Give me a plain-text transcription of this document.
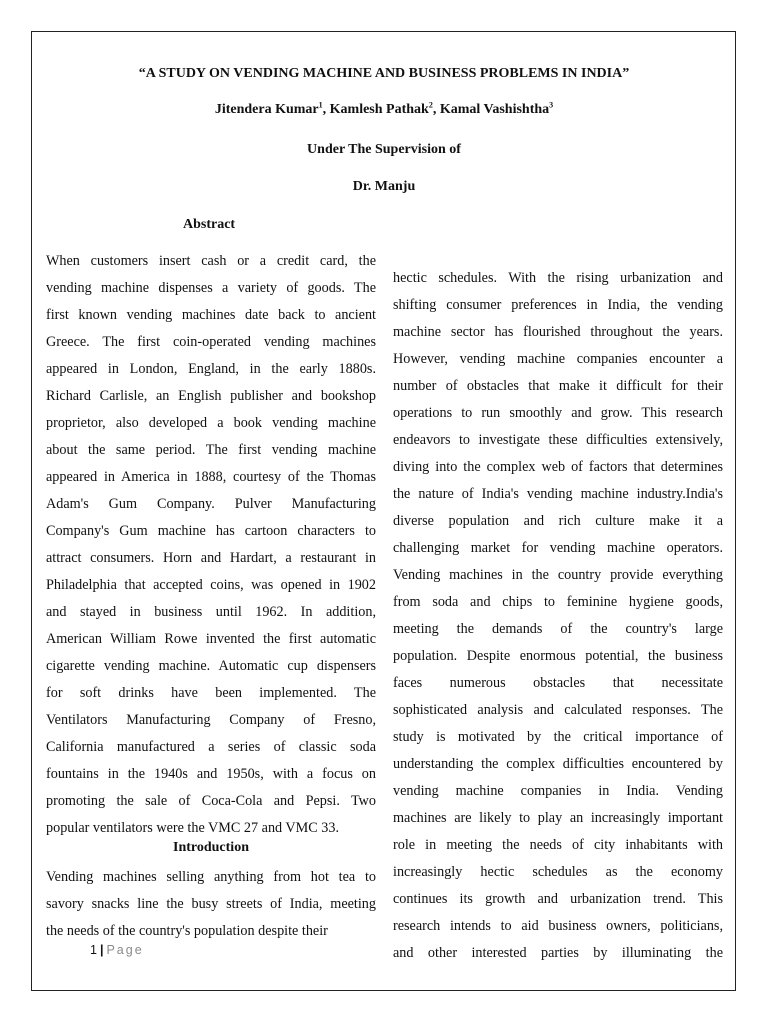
“A STUDY ON VENDING MACHINE AND BUSINESS PROBLEMS IN INDIA”
Jitendera Kumar$^1$, Kamlesh Pathak$^2$, Kamal Vashishtha$^3$
Under The Supervision of
Dr. Manju
Abstract
When customers insert cash or a credit card, the
vending machine dispenses a variety of goods. The
first known vending machines date back to ancient
Greece. The first coin-operated vending machines
appeared in London, England, in the early 1880s.
Richard Carlisle, an English publisher and bookshop
proprietor, also developed a book vending machine
about the same period. The first vending machine
appeared in America in 1888, courtesy of the Thomas
Adam's Gum Company. Pulver Manufacturing
Company's Gum machine has cartoon characters to
attract consumers. Horn and Hardart, a restaurant in
Philadelphia that accepted coins, was opened in 1902
and stayed in business until 1962. In addition,
American William Rowe invented the first automatic
cigarette vending machine. Automatic cup dispensers
for soft drinks have been implemented. The
Ventilators Manufacturing Company of Fresno,
California manufactured a series of classic soda
fountains in the 1940s and 1950s, with a focus on
promoting the sale of Coca-Cola and Pepsi. Two
popular ventilators were the VMC 27 and VMC 33.
Introduction
Vending machines selling anything from hot tea to
savory snacks line the busy streets of India, meeting
the needs of the country's population despite their
hectic schedules. With the rising urbanization and
shifting consumer preferences in India, the vending
machine sector has flourished throughout the years.
However, vending machine companies encounter a
number of obstacles that make it difficult for their
operations to run smoothly and grow. This research
endeavors to investigate these difficulties extensively,
diving into the complex web of factors that determines
the nature of India's vending machine industry.India's
diverse population and rich culture make it a
challenging market for vending machine operators.
Vending machines in the country provide everything
from soda and chips to feminine hygiene goods,
meeting the demands of the country's large
population. Despite enormous potential, the business
faces numerous obstacles that necessitate
sophisticated analysis and calculated responses. The
study is motivated by the critical importance of
understanding the complex difficulties encountered by
vending machine companies in India. Vending
machines are likely to play an increasingly important
role in meeting the needs of city inhabitants with
increasingly hectic schedules as the economy
continues its growth and urbanization trend. This
research intends to aid business owners, politicians,
and other interested parties by illuminating the
1 | Page
